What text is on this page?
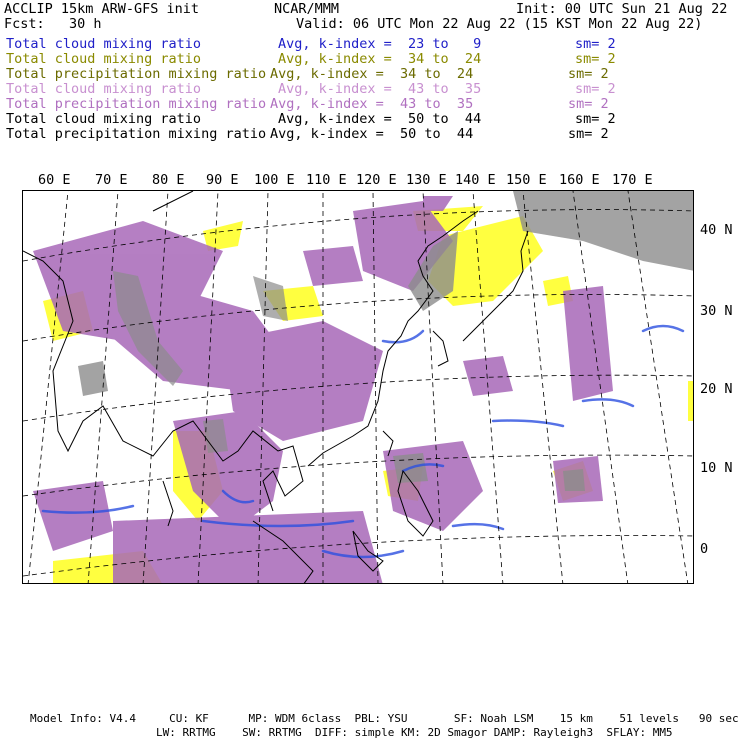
ACCLIP 15km ARW-GFS init	NCAR/MMM	Init: 00 UTC Sun 21 Aug 22
Fcst:   30 h	Valid: 06 UTC Mon 22 Aug 22 (15 KST Mon 22 Aug 22)
Total cloud mixing ratio	Avg, k-index =  23 to   9	sm= 2
Total cloud mixing ratio	Avg, k-index =  34 to  24	sm= 2
Total precipitation mixing ratio Avg, k-index =  34 to  24	sm= 2
Total cloud mixing ratio	Avg, k-index =  43 to  35	sm= 2
Total precipitation mixing ratio Avg, k-index =  43 to  35	sm= 2
Total cloud mixing ratio	Avg, k-index =  50 to  44	sm= 2
Total precipitation mixing ratio Avg, k-index =  50 to  44	sm= 2
60 E 70 E 80 E 90 E 100 E 110 E 120 E 130 E 140 E 150 E 160 E 170 E
40 N
30 N
20 N
10 N
0
Model Info: V4.4     CU: KF      MP: WDM 6class  PBL: YSU       SF: Noah LSM    15 km    51 levels   90 sec
LW: RRTMG    SW: RRTMG  DIFF: simple KM: 2D Smagor DAMP: Rayleigh3  SFLAY: MM5
